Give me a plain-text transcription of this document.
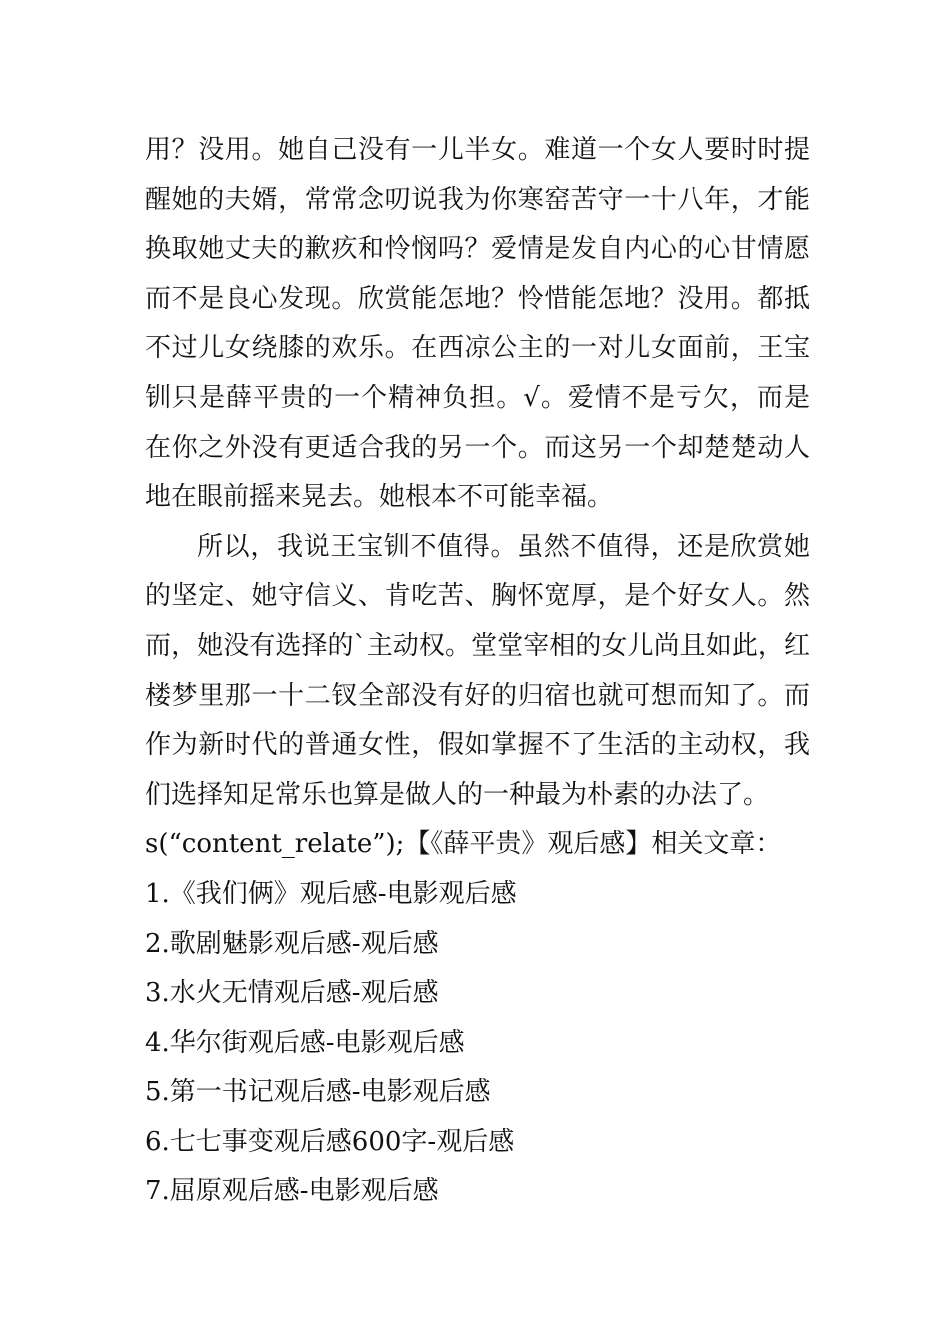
用？没用。她自己没有一儿半女。难道一个女人要时时提
醒她的夫婿，常常念叨说我为你寒窑苦守一十八年，才能
换取她丈夫的歉疚和怜悯吗？爱情是发自内心的心甘情愿
而不是良心发现。欣赏能怎地？怜惜能怎地？没用。都抵
不过儿女绕膝的欢乐。在西凉公主的一对儿女面前，王宝
钏只是薛平贵的一个精神负担。√。爱情不是亏欠，而是
在你之外没有更适合我的另一个。而这另一个却楚楚动人
地在眼前摇来晃去。她根本不可能幸福。
所以，我说王宝钏不值得。虽然不值得，还是欣赏她
的坚定、她守信义、肯吃苦、胸怀宽厚，是个好女人。然
而，她没有选择的`主动权。堂堂宰相的女儿尚且如此，红
楼梦里那一十二钗全部没有好的归宿也就可想而知了。而
作为新时代的普通女性，假如掌握不了生活的主动权，我
们选择知足常乐也算是做人的一种最为朴素的办法了。
s(“content_relate”);【《薛平贵》观后感】相关文章：
1.《我们俩》观后感-电影观后感
2.歌剧魅影观后感-观后感
3.水火无情观后感-观后感
4.华尔街观后感-电影观后感
5.第一书记观后感-电影观后感
6.七七事变观后感600字-观后感
7.屈原观后感-电影观后感
